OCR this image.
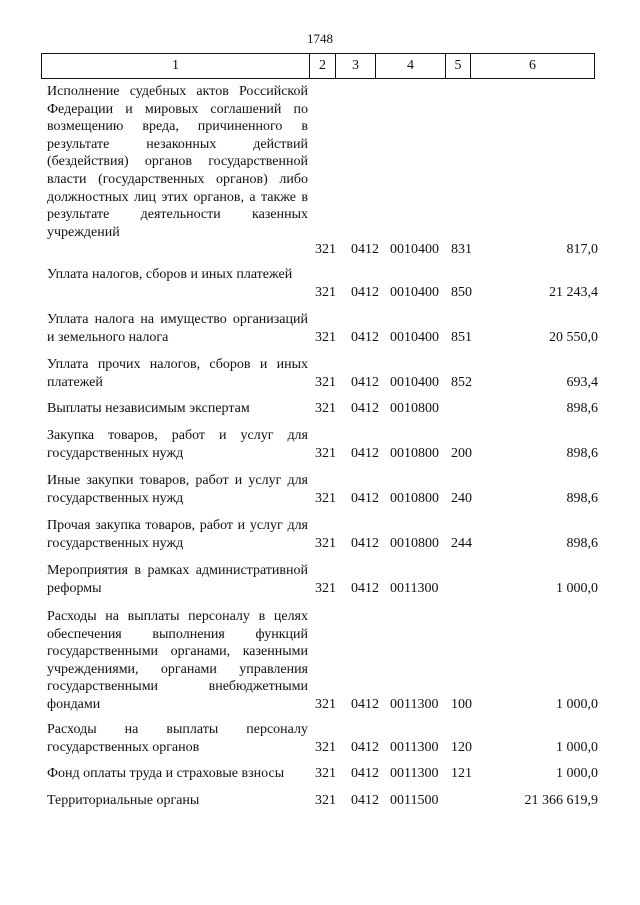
1748
1	2	3	4	5	6
Исполнение судебных актов Российской Федерации и мировых соглашений по возмещению вреда, причиненного в результате незаконных действий (бездействия) органов государственной власти (государственных органов) либо должностных лиц этих органов, а также в результате деятельности казенных учреждений
321 0412 0010400 831	817,0
Уплата налогов, сборов и иных платежей
321 0412 0010400 850	21 243,4
Уплата налога на имущество организаций и земельного налога	321 0412 0010400 851	20 550,0
Уплата прочих налогов, сборов и иных платежей	321 0412 0010400 852	693,4
Выплаты независимым экспертам	321 0412 0010800	898,6
Закупка товаров, работ и услуг для государственных нужд	321 0412 0010800 200	898,6
Иные закупки товаров, работ и услуг для государственных нужд	321 0412 0010800 240	898,6
Прочая закупка товаров, работ и услуг для государственных нужд	321 0412 0010800 244	898,6
Мероприятия в рамках административной реформы	321 0412 0011300	1 000,0
Расходы на выплаты персоналу в целях обеспечения выполнения функций государственными органами, казенными учреждениями, органами управления государственными внебюджетными фондами	321 0412 0011300 100	1 000,0
Расходы на выплаты персоналу государственных органов	321 0412 0011300 120	1 000,0
Фонд оплаты труда и страховые взносы	321 0412 0011300 121	1 000,0
Территориальные органы	321 0412 0011500	21 366 619,9
